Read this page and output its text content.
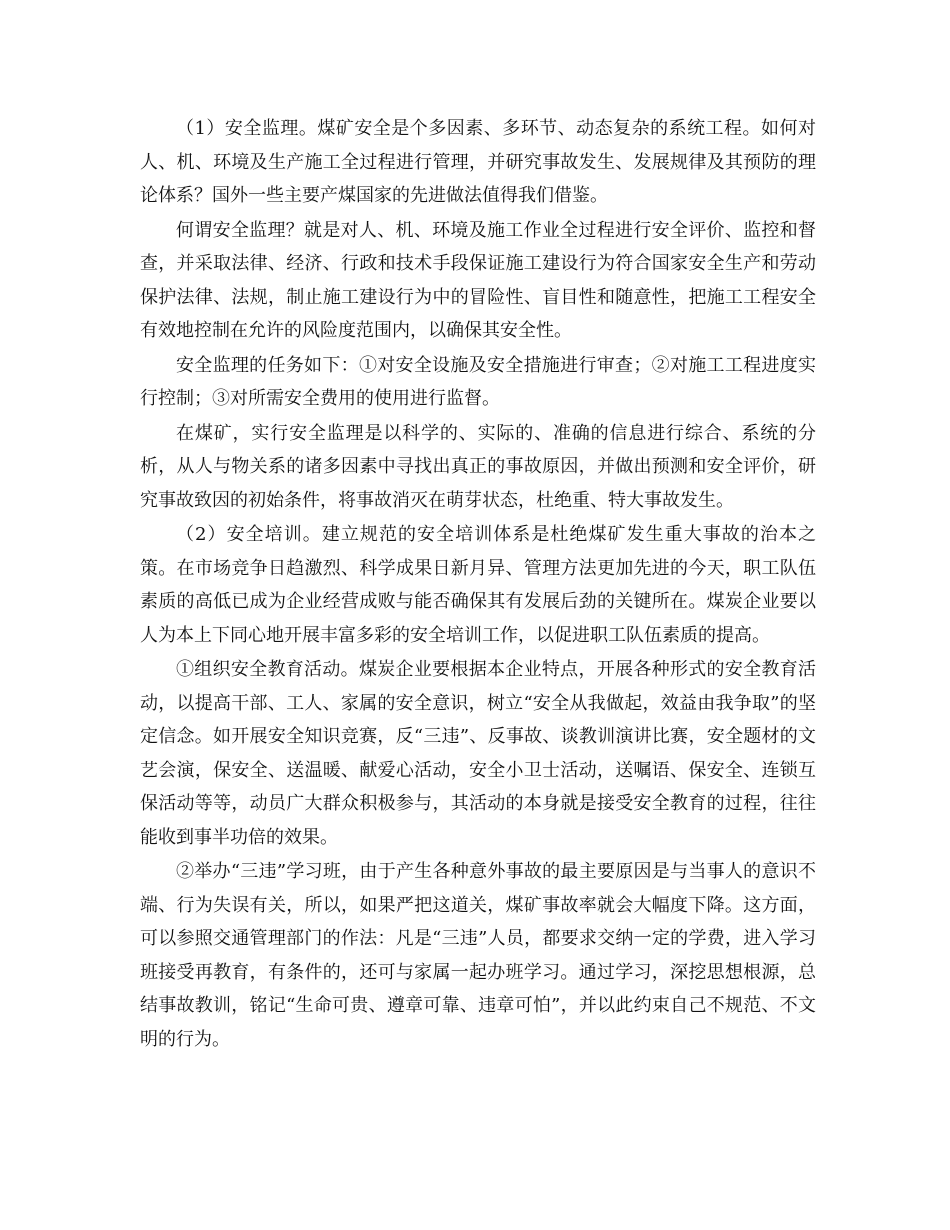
（1）安全监理。煤矿安全是个多因素、多环节、动态复杂的系统工程。如何对人、机、环境及生产施工全过程进行管理，并研究事故发生、发展规律及其预防的理论体系？国外一些主要产煤国家的先进做法值得我们借鉴。

何谓安全监理？就是对人、机、环境及施工作业全过程进行安全评价、监控和督查，并采取法律、经济、行政和技术手段保证施工建设行为符合国家安全生产和劳动保护法律、法规，制止施工建设行为中的冒险性、盲目性和随意性，把施工工程安全有效地控制在允许的风险度范围内，以确保其安全性。

安全监理的任务如下：①对安全设施及安全措施进行审查；②对施工工程进度实行控制；③对所需安全费用的使用进行监督。

在煤矿，实行安全监理是以科学的、实际的、准确的信息进行综合、系统的分析，从人与物关系的诸多因素中寻找出真正的事故原因，并做出预测和安全评价，研究事故致因的初始条件，将事故消灭在萌芽状态，杜绝重、特大事故发生。

（2）安全培训。建立规范的安全培训体系是杜绝煤矿发生重大事故的治本之策。在市场竞争日趋激烈、科学成果日新月异、管理方法更加先进的今天，职工队伍素质的高低已成为企业经营成败与能否确保其有发展后劲的关键所在。煤炭企业要以人为本上下同心地开展丰富多彩的安全培训工作，以促进职工队伍素质的提高。

①组织安全教育活动。煤炭企业要根据本企业特点，开展各种形式的安全教育活动，以提高干部、工人、家属的安全意识，树立“安全从我做起，效益由我争取”的坚定信念。如开展安全知识竞赛，反“三违”、反事故、谈教训演讲比赛，安全题材的文艺会演，保安全、送温暖、献爱心活动，安全小卫士活动，送嘱语、保安全、连锁互保活动等等，动员广大群众积极参与，其活动的本身就是接受安全教育的过程，往往能收到事半功倍的效果。

②举办“三违”学习班，由于产生各种意外事故的最主要原因是与当事人的意识不端、行为失误有关，所以，如果严把这道关，煤矿事故率就会大幅度下降。这方面，可以参照交通管理部门的作法：凡是“三违”人员，都要求交纳一定的学费，进入学习班接受再教育，有条件的，还可与家属一起办班学习。通过学习，深挖思想根源，总结事故教训，铭记“生命可贵、遵章可靠、违章可怕”，并以此约束自己不规范、不文明的行为。
